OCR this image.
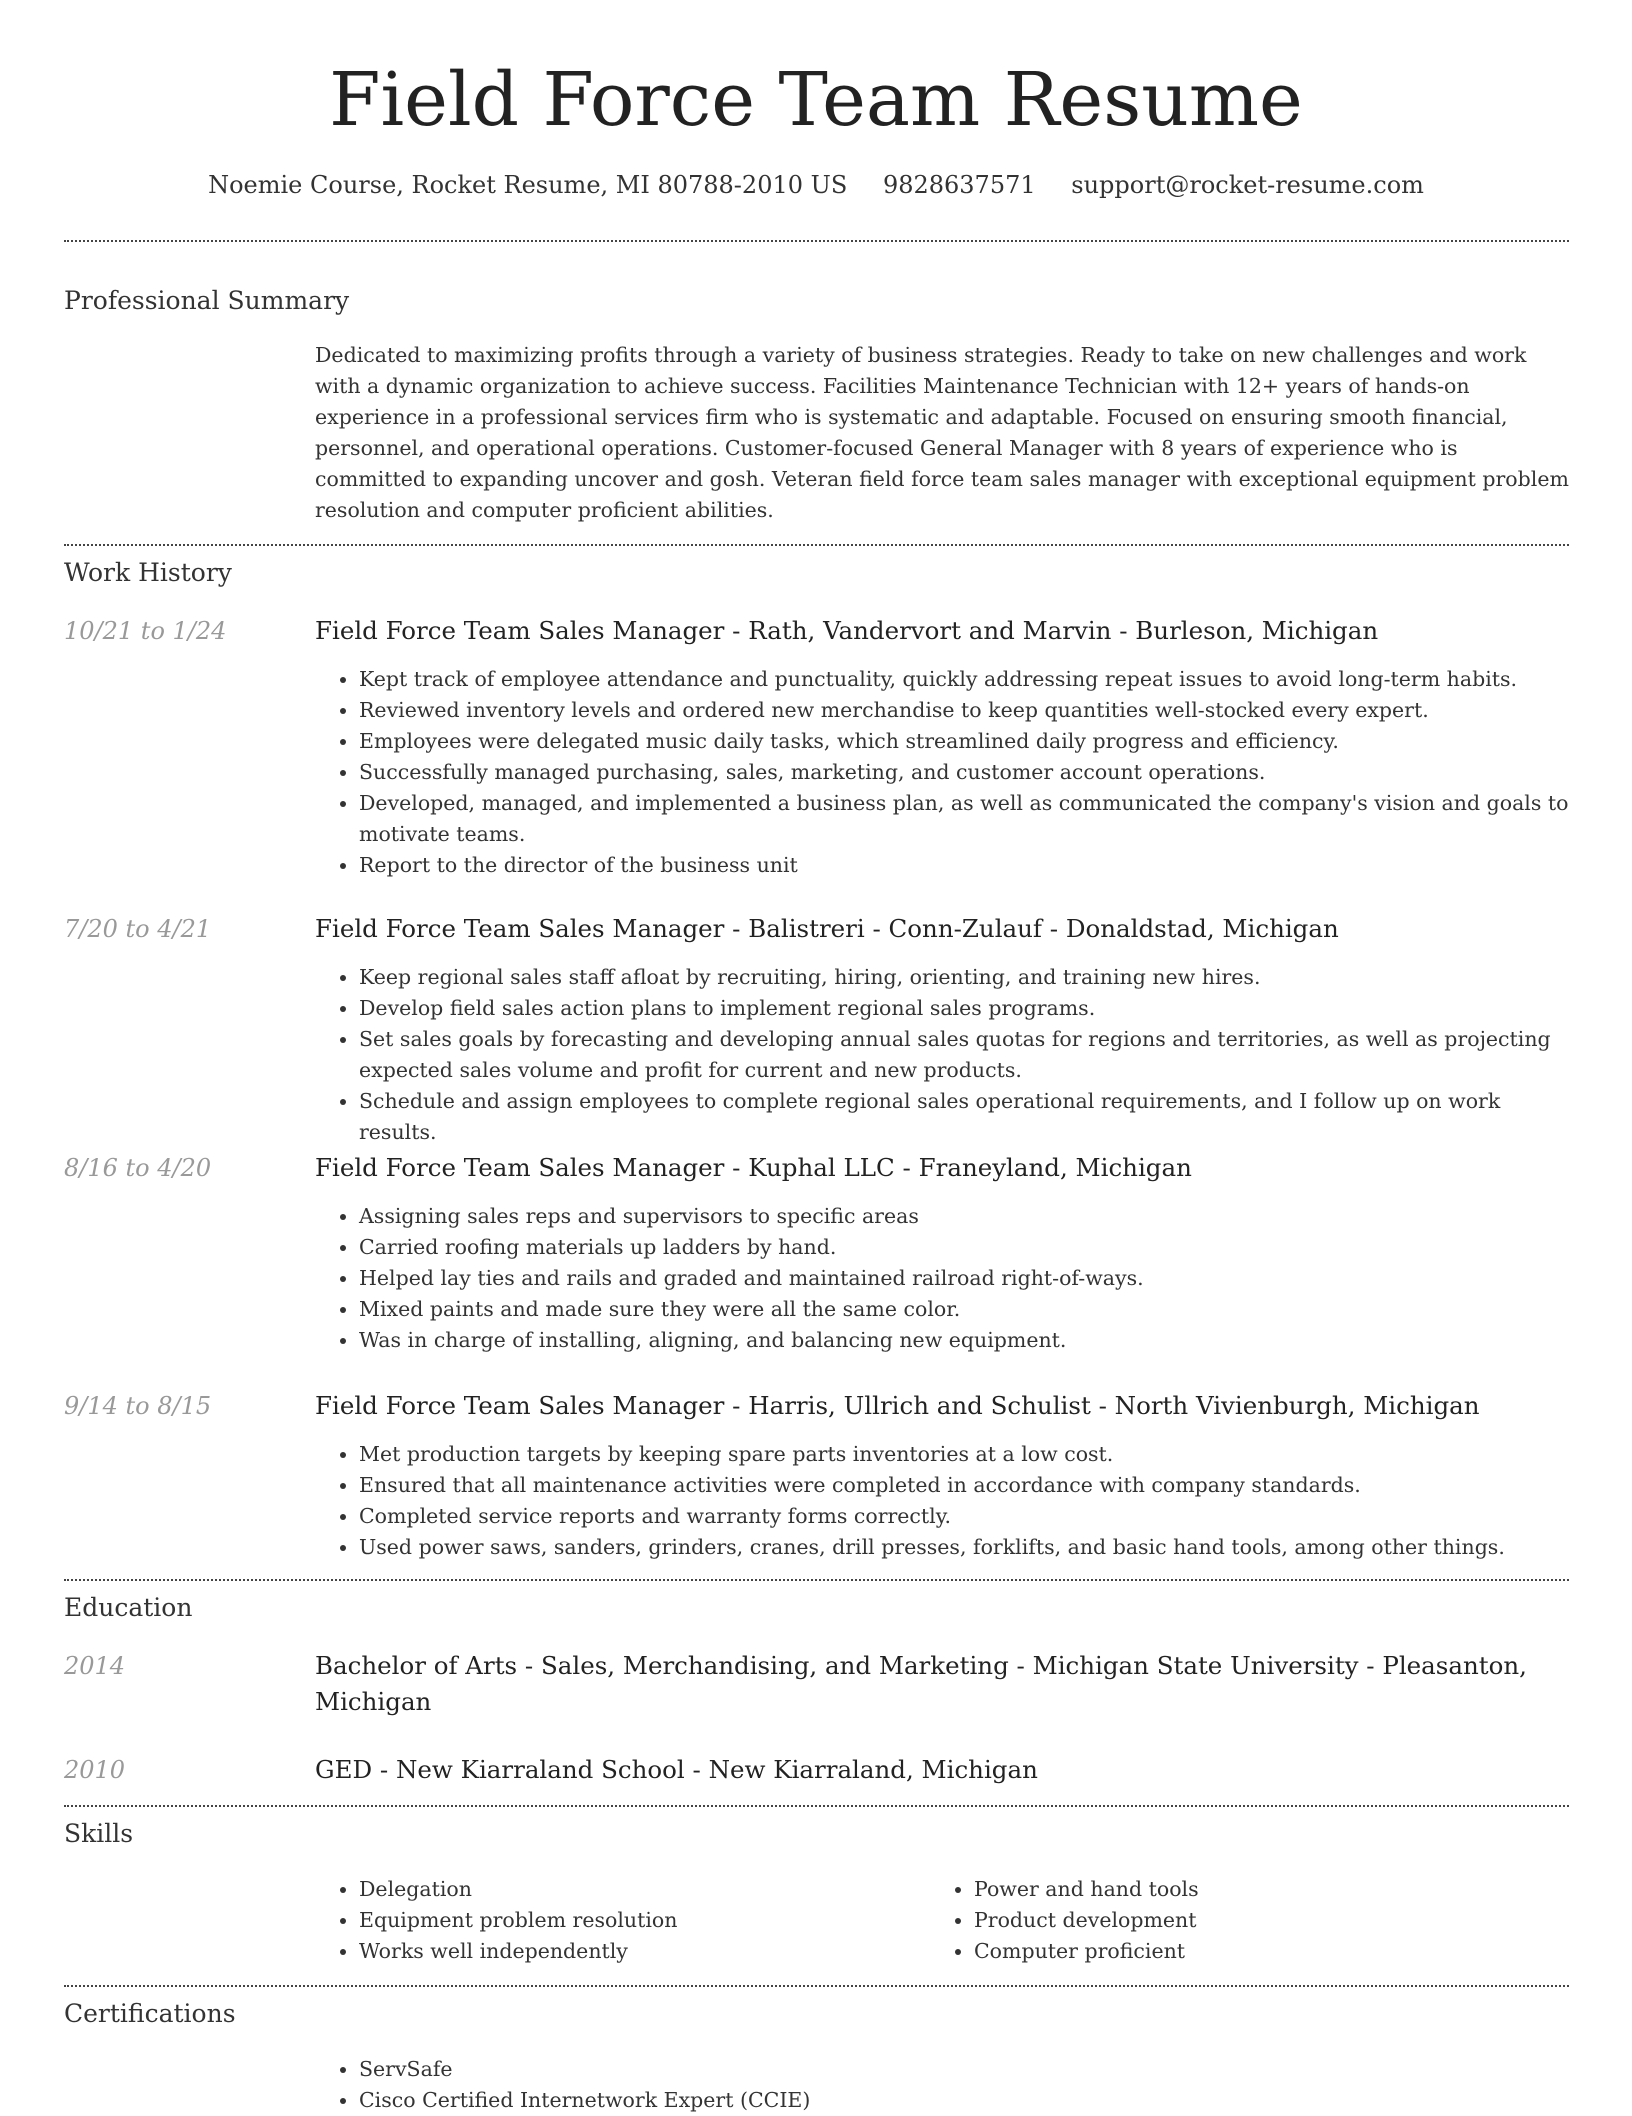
Field Force Team Resume
Noemie Course, Rocket Resume, MI 80788-2010 US 9828637571 support@rocket-resume.com
Professional Summary

Dedicated to maximizing profits through a variety of business strategies. Ready to take on new challenges and work with a dynamic organization to achieve success. Facilities Maintenance Technician with 12+ years of hands-on experience in a professional services firm who is systematic and adaptable. Focused on ensuring smooth financial, personnel, and operational operations. Customer-focused General Manager with 8 years of experience who is committed to expanding uncover and gosh. Veteran field force team sales manager with exceptional equipment problem resolution and computer proficient abilities.

Work History
10/21 to 1/24	Field Force Team Sales Manager - Rath, Vandervort and Marvin - Burleson, Michigan
• Kept track of employee attendance and punctuality, quickly addressing repeat issues to avoid long-term habits.
• Reviewed inventory levels and ordered new merchandise to keep quantities well-stocked every expert.
• Employees were delegated music daily tasks, which streamlined daily progress and efficiency.
• Successfully managed purchasing, sales, marketing, and customer account operations.
• Developed, managed, and implemented a business plan, as well as communicated the company's vision and goals to motivate teams.
• Report to the director of the business unit
7/20 to 4/21	Field Force Team Sales Manager - Balistreri - Conn-Zulauf - Donaldstad, Michigan
• Keep regional sales staff afloat by recruiting, hiring, orienting, and training new hires.
• Develop field sales action plans to implement regional sales programs.
• Set sales goals by forecasting and developing annual sales quotas for regions and territories, as well as projecting expected sales volume and profit for current and new products.
• Schedule and assign employees to complete regional sales operational requirements, and I follow up on work results.
8/16 to 4/20	Field Force Team Sales Manager - Kuphal LLC - Franeyland, Michigan
• Assigning sales reps and supervisors to specific areas
• Carried roofing materials up ladders by hand.
• Helped lay ties and rails and graded and maintained railroad right-of-ways.
• Mixed paints and made sure they were all the same color.
• Was in charge of installing, aligning, and balancing new equipment.
9/14 to 8/15	Field Force Team Sales Manager - Harris, Ullrich and Schulist - North Vivienburgh, Michigan
• Met production targets by keeping spare parts inventories at a low cost.
• Ensured that all maintenance activities were completed in accordance with company standards.
• Completed service reports and warranty forms correctly.
• Used power saws, sanders, grinders, cranes, drill presses, forklifts, and basic hand tools, among other things.
Education
2014	Bachelor of Arts - Sales, Merchandising, and Marketing - Michigan State University - Pleasanton, Michigan
2010	GED - New Kiarraland School - New Kiarraland, Michigan
Skills
• Delegation
• Equipment problem resolution
• Works well independently
• Power and hand tools
• Product development
• Computer proficient
Certifications
• ServSafe
• Cisco Certified Internetwork Expert (CCIE)
